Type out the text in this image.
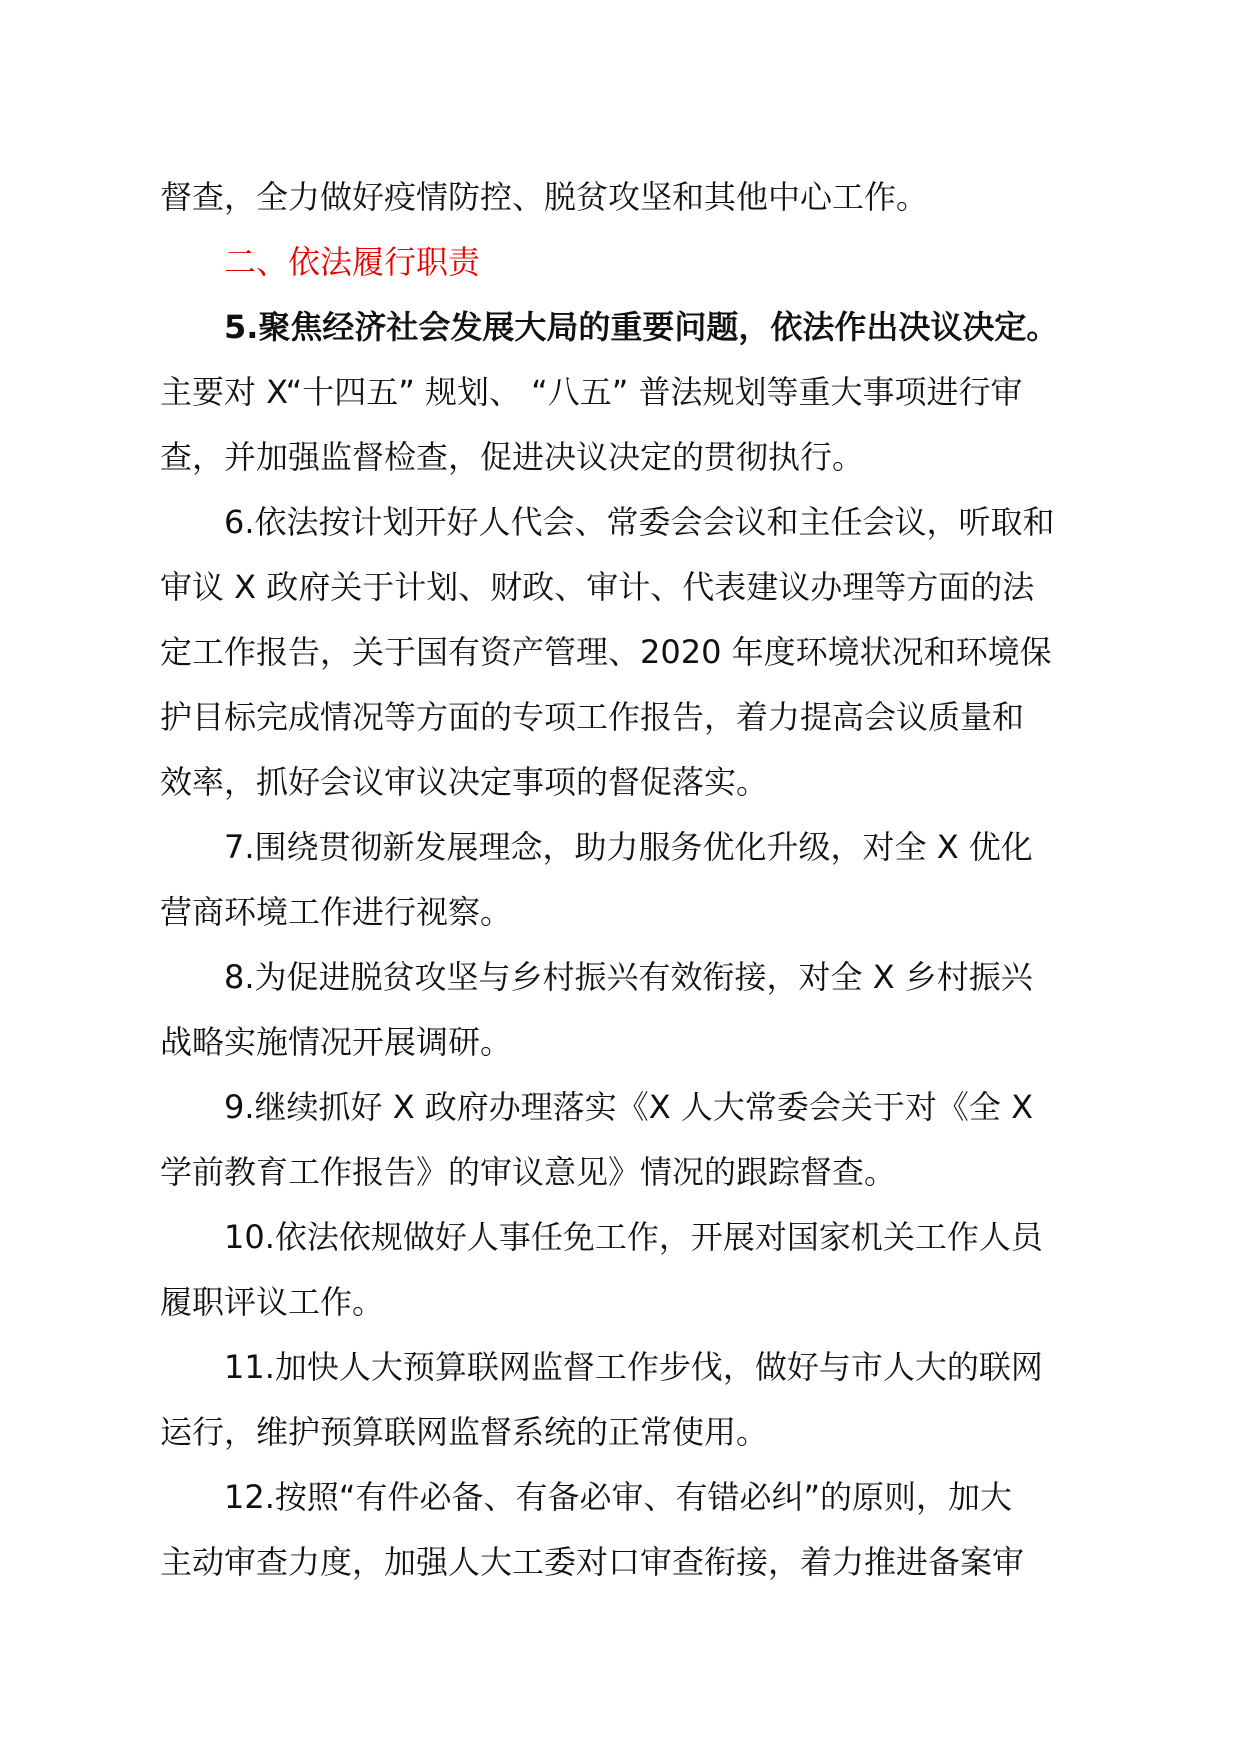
督查，全力做好疫情防控、脱贫攻坚和其他中心工作。
二、依法履行职责
5.聚焦经济社会发展大局的重要问题，依法作出决议决定。
主要对 X“十四五” 规划、 “八五” 普法规划等重大事项进行审
查，并加强监督检查，促进决议决定的贯彻执行。
6.依法按计划开好人代会、常委会会议和主任会议，听取和
审议 X 政府关于计划、财政、审计、代表建议办理等方面的法
定工作报告，关于国有资产管理、2020 年度环境状况和环境保
护目标完成情况等方面的专项工作报告，着力提高会议质量和
效率，抓好会议审议决定事项的督促落实。
7.围绕贯彻新发展理念，助力服务优化升级，对全 X 优化
营商环境工作进行视察。
8.为促进脱贫攻坚与乡村振兴有效衔接，对全 X 乡村振兴
战略实施情况开展调研。
9.继续抓好 X 政府办理落实《X 人大常委会关于对《全 X
学前教育工作报告》的审议意见》情况的跟踪督查。
10.依法依规做好人事任免工作，开展对国家机关工作人员
履职评议工作。
11.加快人大预算联网监督工作步伐，做好与市人大的联网
运行，维护预算联网监督系统的正常使用。
12.按照“有件必备、有备必审、有错必纠”的原则，加大
主动审查力度，加强人大工委对口审查衔接，着力推进备案审
